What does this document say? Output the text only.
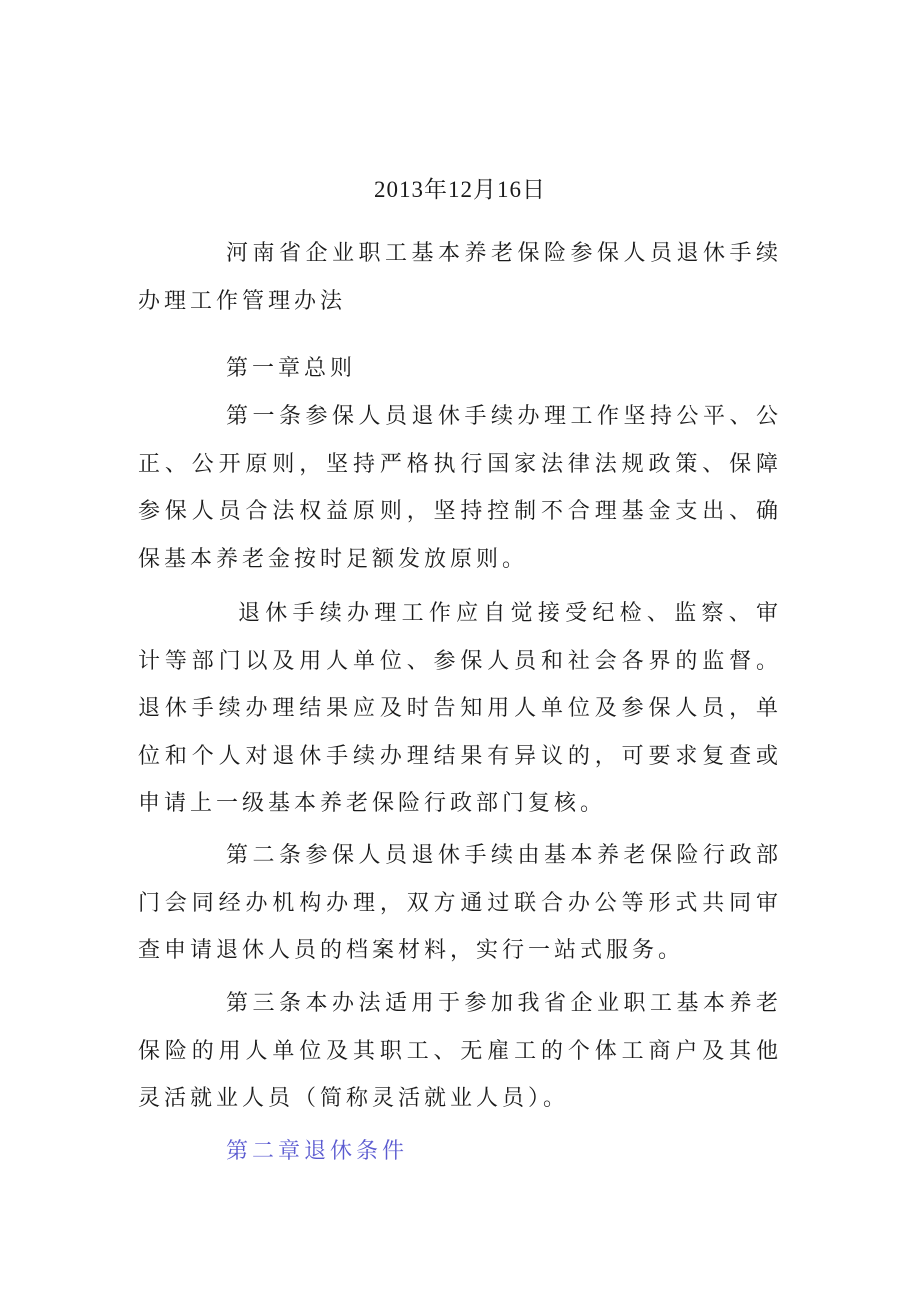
2013年12月16日

河南省企业职工基本养老保险参保人员退休手续办理工作管理办法

第一章总则

第一条参保人员退休手续办理工作坚持公平、公正、公开原则，坚持严格执行国家法律法规政策、保障参保人员合法权益原则，坚持控制不合理基金支出、确保基本养老金按时足额发放原则。

退休手续办理工作应自觉接受纪检、监察、审计等部门以及用人单位、参保人员和社会各界的监督。退休手续办理结果应及时告知用人单位及参保人员，单位和个人对退休手续办理结果有异议的，可要求复查或申请上一级基本养老保险行政部门复核。

第二条参保人员退休手续由基本养老保险行政部门会同经办机构办理，双方通过联合办公等形式共同审查申请退休人员的档案材料，实行一站式服务。

第三条本办法适用于参加我省企业职工基本养老保险的用人单位及其职工、无雇工的个体工商户及其他灵活就业人员（简称灵活就业人员）。

第二章退休条件
